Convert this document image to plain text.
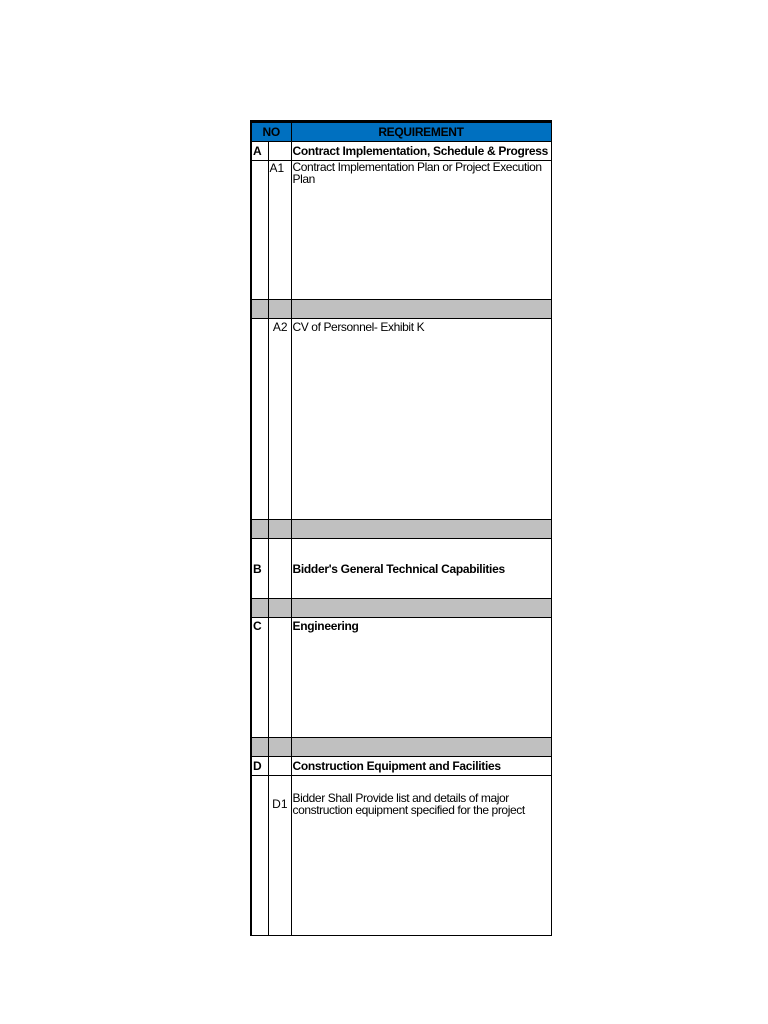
NO		REQUIREMENT
A		Contract Implementation, Schedule & Progress
	A1	Contract Implementation Plan or Project Execution Plan

	A2	CV of Personnel- Exhibit K

B		Bidder's General Technical Capabilities

C		Engineering

D		Construction Equipment and Facilities
	D1	Bidder Shall Provide list and details of major construction equipment specified for the project
